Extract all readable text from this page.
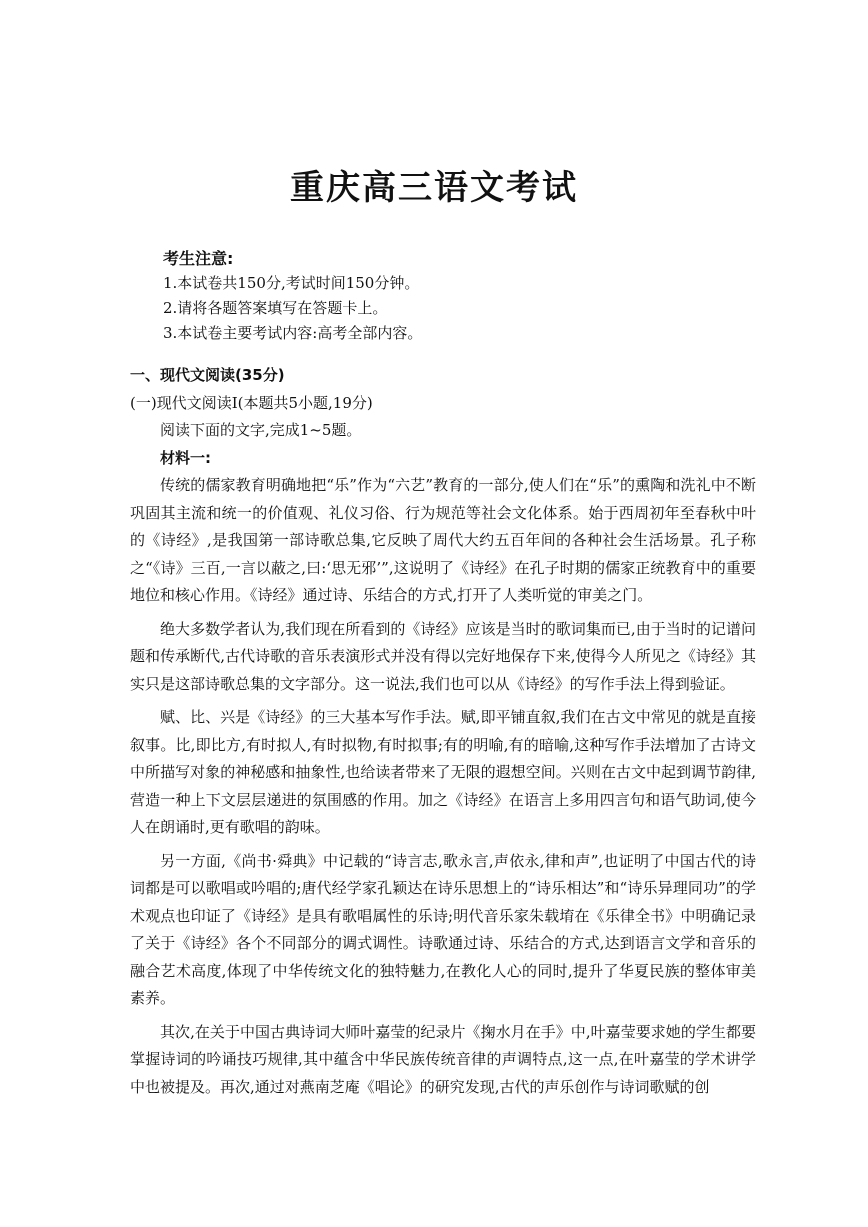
重庆高三语文考试

考生注意:

1.本试卷共150分,考试时间150分钟。

2.请将各题答案填写在答题卡上。

3.本试卷主要考试内容:高考全部内容。

一、现代文阅读(35分)

(一)现代文阅读Ⅰ(本题共5小题,19分)

阅读下面的文字,完成1~5题。

材料一:

传统的儒家教育明确地把“乐”作为“六艺”教育的一部分,使人们在“乐”的熏陶和洗礼中不断巩固其主流和统一的价值观、礼仪习俗、行为规范等社会文化体系。始于西周初年至春秋中叶的《诗经》,是我国第一部诗歌总集,它反映了周代大约五百年间的各种社会生活场景。孔子称之“《诗》三百,一言以蔽之,曰:‘思无邪’”,这说明了《诗经》在孔子时期的儒家正统教育中的重要地位和核心作用。《诗经》通过诗、乐结合的方式,打开了人类听觉的审美之门。

绝大多数学者认为,我们现在所看到的《诗经》应该是当时的歌词集而已,由于当时的记谱问题和传承断代,古代诗歌的音乐表演形式并没有得以完好地保存下来,使得今人所见之《诗经》其实只是这部诗歌总集的文字部分。这一说法,我们也可以从《诗经》的写作手法上得到验证。

赋、比、兴是《诗经》的三大基本写作手法。赋,即平铺直叙,我们在古文中常见的就是直接叙事。比,即比方,有时拟人,有时拟物,有时拟事;有的明喻,有的暗喻,这种写作手法增加了古诗文中所描写对象的神秘感和抽象性,也给读者带来了无限的遐想空间。兴则在古文中起到调节韵律,营造一种上下文层层递进的氛围感的作用。加之《诗经》在语言上多用四言句和语气助词,使今人在朗诵时,更有歌唱的韵味。

另一方面,《尚书·舜典》中记载的“诗言志,歌永言,声依永,律和声”,也证明了中国古代的诗词都是可以歌唱或吟唱的;唐代经学家孔颖达在诗乐思想上的“诗乐相达”和“诗乐异理同功”的学术观点也印证了《诗经》是具有歌唱属性的乐诗;明代音乐家朱载堉在《乐律全书》中明确记录了关于《诗经》各个不同部分的调式调性。诗歌通过诗、乐结合的方式,达到语言文学和音乐的融合艺术高度,体现了中华传统文化的独特魅力,在教化人心的同时,提升了华夏民族的整体审美素养。

其次,在关于中国古典诗词大师叶嘉莹的纪录片《掬水月在手》中,叶嘉莹要求她的学生都要掌握诗词的吟诵技巧规律,其中蕴含中华民族传统音律的声调特点,这一点,在叶嘉莹的学术讲学中也被提及。再次,通过对燕南芝庵《唱论》的研究发现,古代的声乐创作与诗词歌赋的创
